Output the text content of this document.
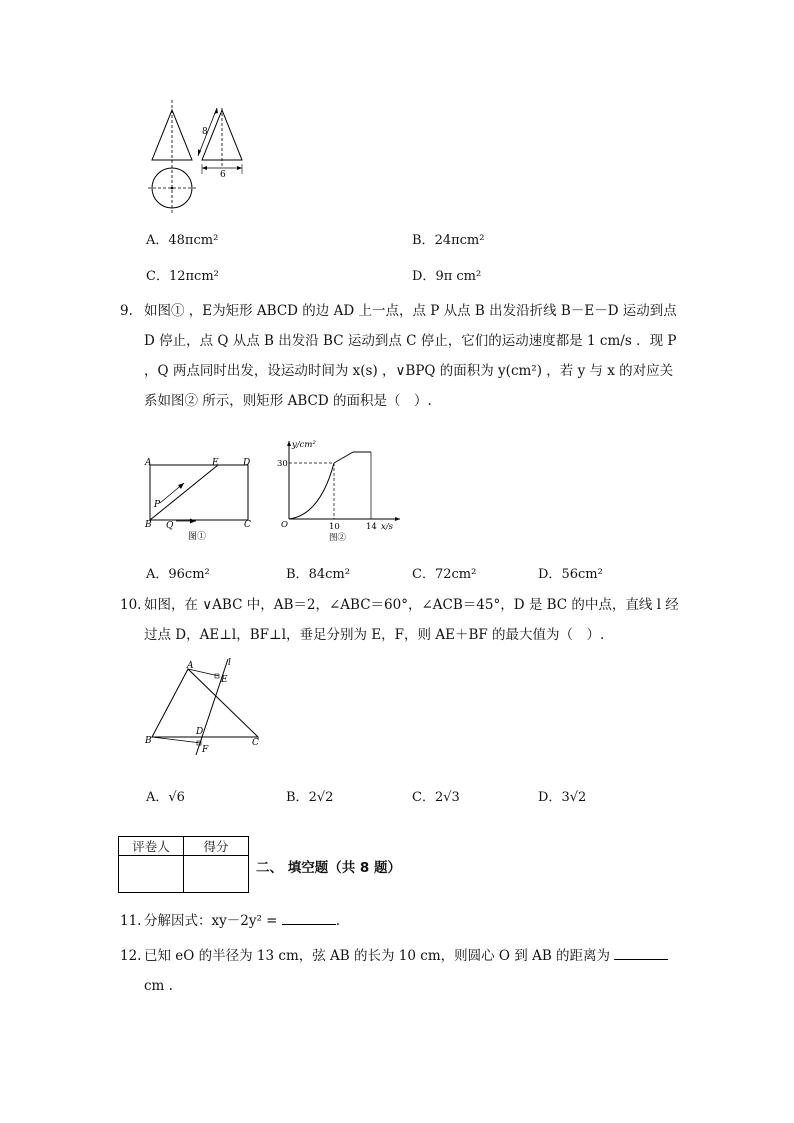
8
6
A．48πcm²	B．24πcm²
C．12πcm²	D．9π cm²
9. 如图① ，E为矩形 ABCD 的边 AD 上一点，点 P 从点 B 出发沿折线 B－E－D 运动到点 D 停止，点 Q 从点 B 出发沿 BC 运动到点 C 停止，它们的运动速度都是 1 cm/s ．现 P ，Q 两点同时出发，设运动时间为 x(s) ，∨BPQ 的面积为 y(cm²) ，若 y 与 x 的对应关系如图② 所示，则矩形 ABCD 的面积是（　）.
A	E	D
B	C
P
Q
图①
y/cm²
x/s
O
30
10	14
图②
A．96cm²	B．84cm²	C．72cm²	D．56cm²
10. 如图，在 ∨ABC 中，AB＝2，∠ABC＝60°，∠ACB＝45°，D 是 BC 的中点，直线 l 经过点 D，AE⊥l，BF⊥l，垂足分别为 E，F，则 AE＋BF 的最大值为（　）.
A
B	C
D
E
F
l
A．√6	B．2√2	C．2√3	D．3√2
评卷人	得分

二、 填空题（共 8 题）
11. 分解因式：xy－2y² =	.
12. 已知 eO 的半径为 13 cm，弦 AB 的长为 10 cm，则圆心 O 到 AB 的距离为
cm .
